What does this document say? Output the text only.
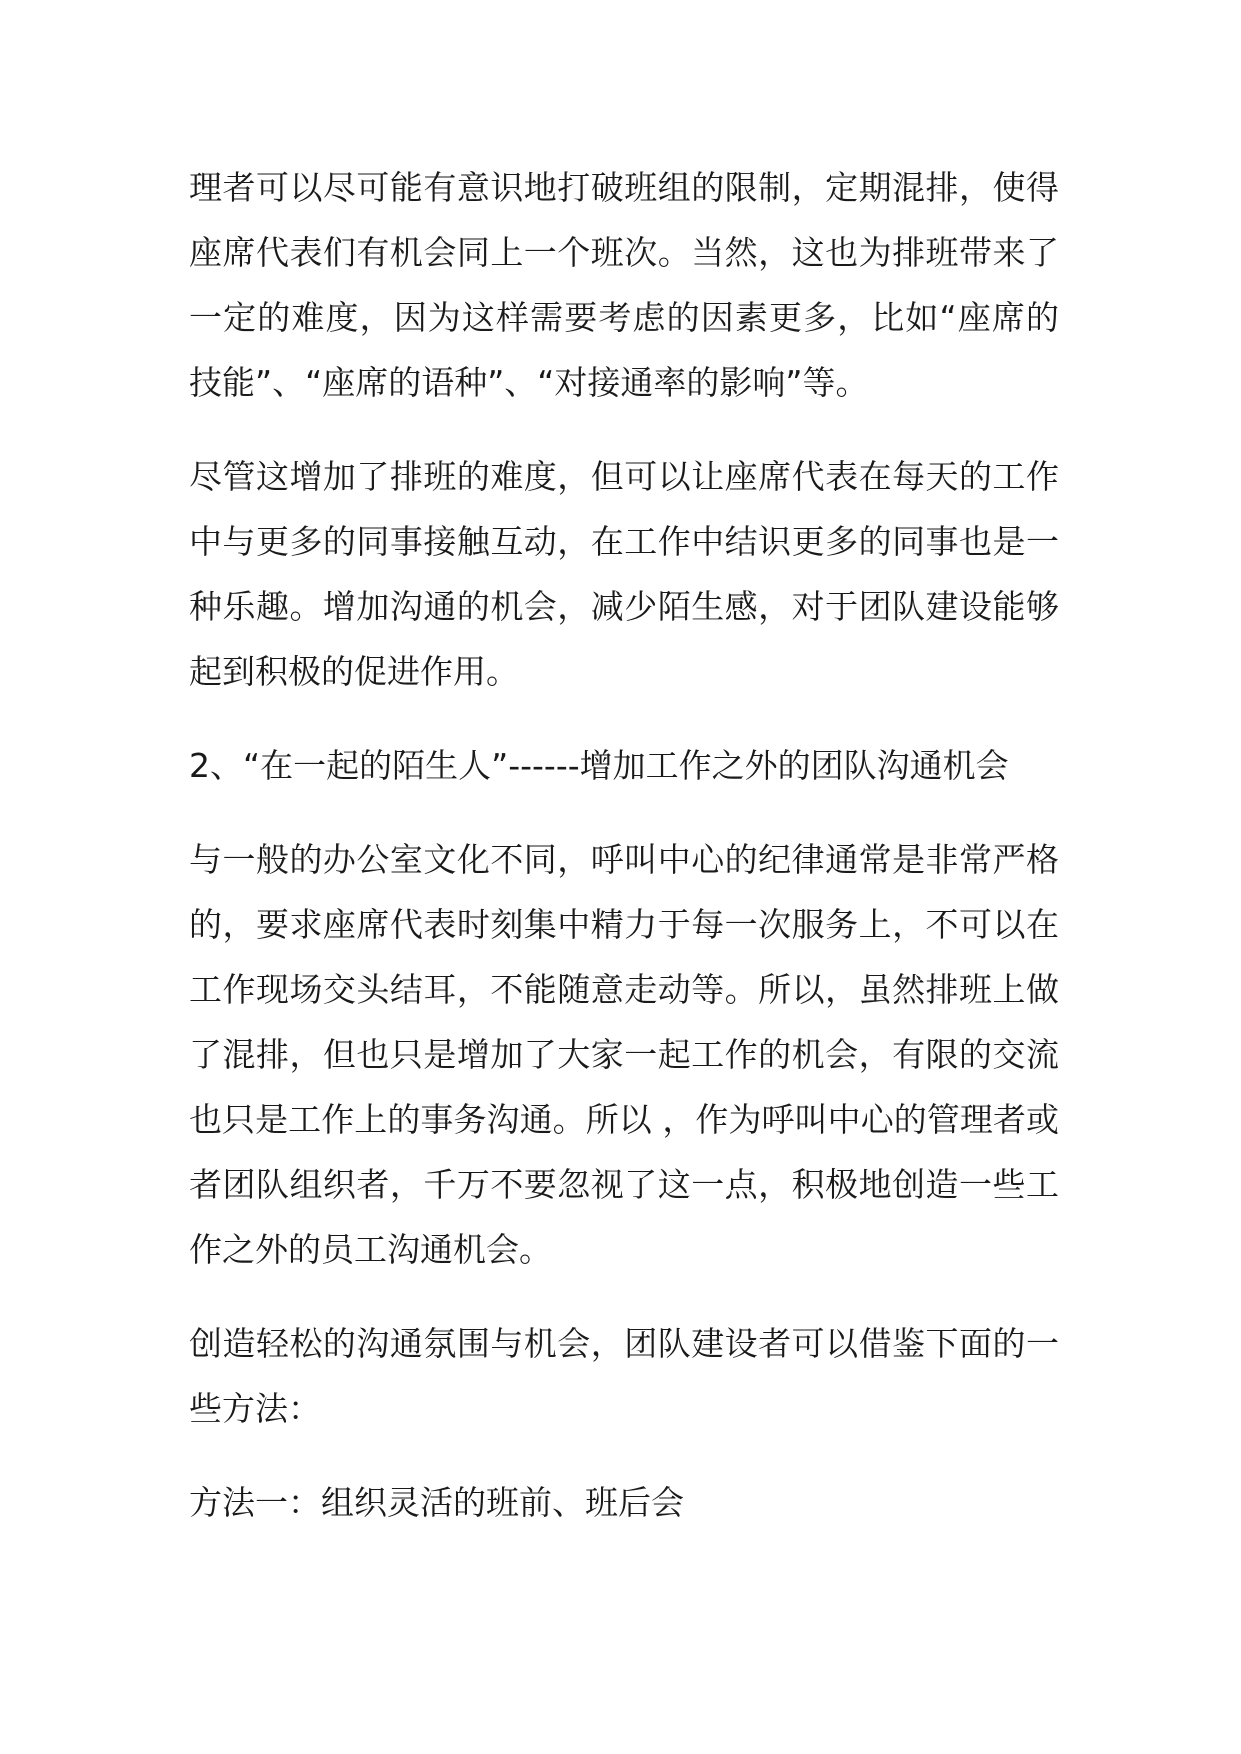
理者可以尽可能有意识地打破班组的限制，定期混排，使得座席代表们有机会同上一个班次。当然，这也为排班带来了一定的难度，因为这样需要考虑的因素更多，比如“座席的技能”、“座席的语种”、“对接通率的影响”等。

尽管这增加了排班的难度，但可以让座席代表在每天的工作中与更多的同事接触互动，在工作中结识更多的同事也是一种乐趣。增加沟通的机会，减少陌生感，对于团队建设能够起到积极的促进作用。

2、“在一起的陌生人”------增加工作之外的团队沟通机会

与一般的办公室文化不同，呼叫中心的纪律通常是非常严格的，要求座席代表时刻集中精力于每一次服务上，不可以在工作现场交头结耳，不能随意走动等。所以，虽然排班上做了混排，但也只是增加了大家一起工作的机会，有限的交流也只是工作上的事务沟通。所以 ，作为呼叫中心的管理者或者团队组织者，千万不要忽视了这一点，积极地创造一些工作之外的员工沟通机会。

创造轻松的沟通氛围与机会，团队建设者可以借鉴下面的一些方法：

方法一：组织灵活的班前、班后会
